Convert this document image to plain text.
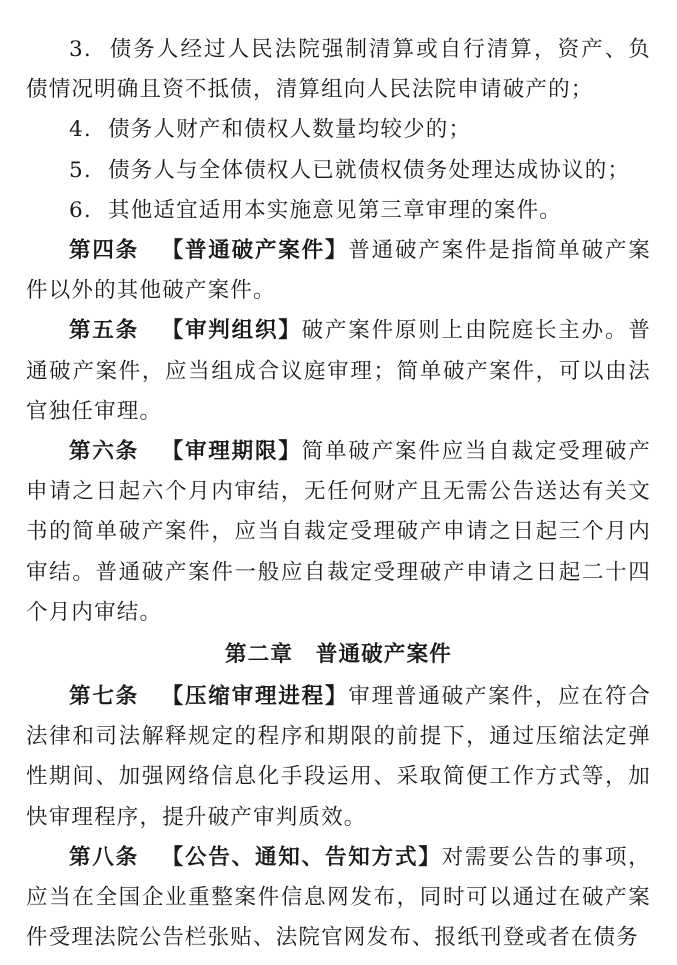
3. 债务人经过人民法院强制清算或自行清算，资产、负债情况明确且资不抵债，清算组向人民法院申请破产的；

4. 债务人财产和债权人数量均较少的；

5. 债务人与全体债权人已就债权债务处理达成协议的；

6. 其他适宜适用本实施意见第三章审理的案件。

第四条 【普通破产案件】普通破产案件是指简单破产案件以外的其他破产案件。

第五条 【审判组织】破产案件原则上由院庭长主办。普通破产案件，应当组成合议庭审理；简单破产案件，可以由法官独任审理。

第六条 【审理期限】简单破产案件应当自裁定受理破产申请之日起六个月内审结，无任何财产且无需公告送达有关文书的简单破产案件，应当自裁定受理破产申请之日起三个月内审结。普通破产案件一般应自裁定受理破产申请之日起二十四个月内审结。

第二章　普通破产案件

第七条 【压缩审理进程】审理普通破产案件，应在符合法律和司法解释规定的程序和期限的前提下，通过压缩法定弹性期间、加强网络信息化手段运用、采取简便工作方式等，加快审理程序，提升破产审判质效。

第八条 【公告、通知、告知方式】对需要公告的事项，应当在全国企业重整案件信息网发布，同时可以通过在破产案件受理法院公告栏张贴、法院官网发布、报纸刊登或者在债务
